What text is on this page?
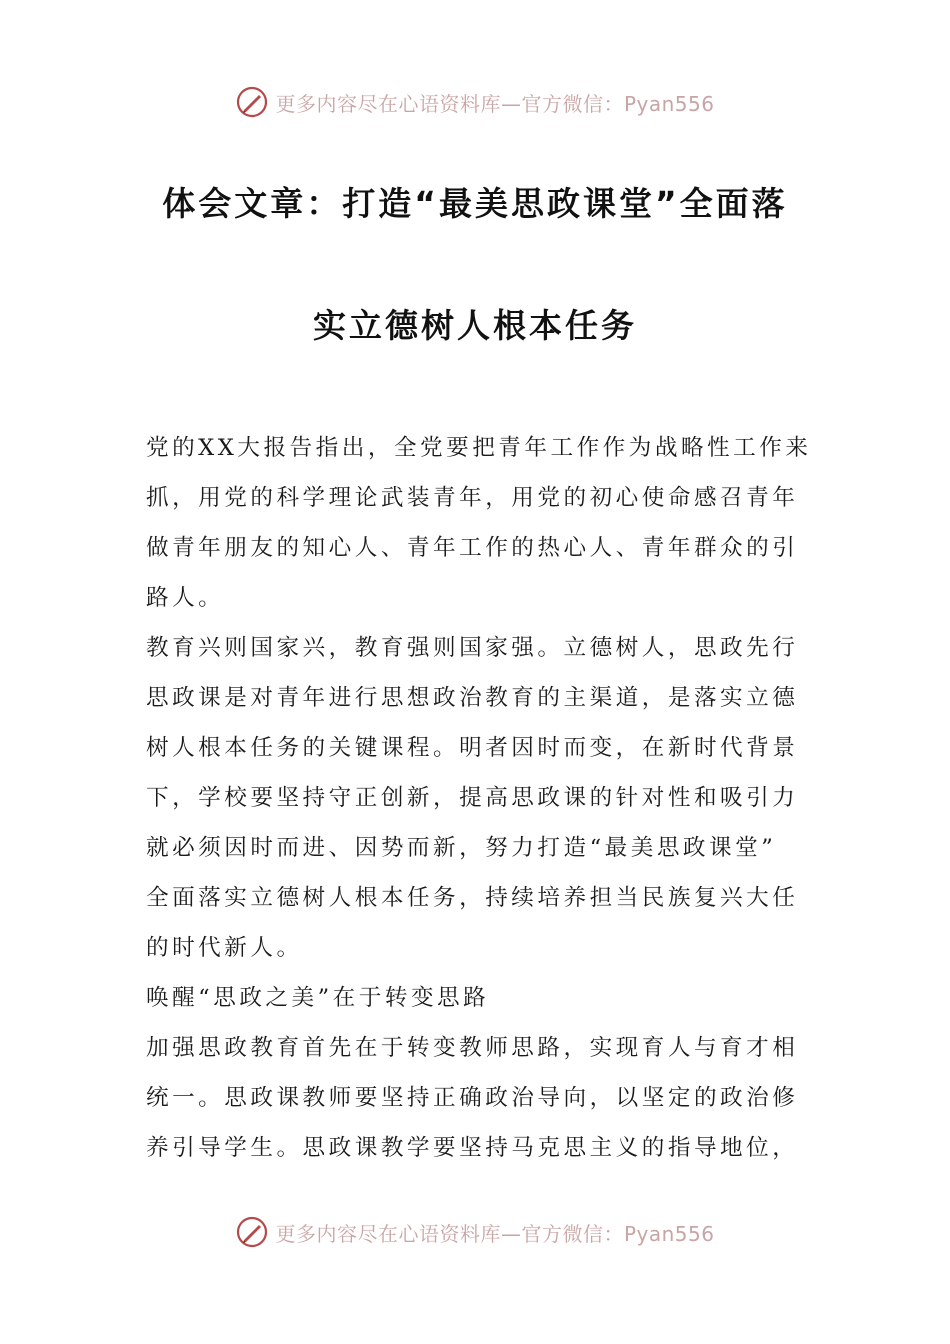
更多内容尽在心语资料库—官方微信：Pyan556
体会文章：打造“最美思政课堂”全面落
实立德树人根本任务
党的XX大报告指出，全党要把青年工作作为战略性工作来
抓，用党的科学理论武装青年，用党的初心使命感召青年
做青年朋友的知心人、青年工作的热心人、青年群众的引
路人。
教育兴则国家兴，教育强则国家强。立德树人，思政先行
思政课是对青年进行思想政治教育的主渠道，是落实立德
树人根本任务的关键课程。明者因时而变，在新时代背景
下，学校要坚持守正创新，提高思政课的针对性和吸引力
就必须因时而进、因势而新，努力打造“最美思政课堂”
全面落实立德树人根本任务，持续培养担当民族复兴大任
的时代新人。
唤醒“思政之美”在于转变思路
加强思政教育首先在于转变教师思路，实现育人与育才相
统一。思政课教师要坚持正确政治导向，以坚定的政治修
养引导学生。思政课教学要坚持马克思主义的指导地位，
更多内容尽在心语资料库—官方微信：Pyan556
